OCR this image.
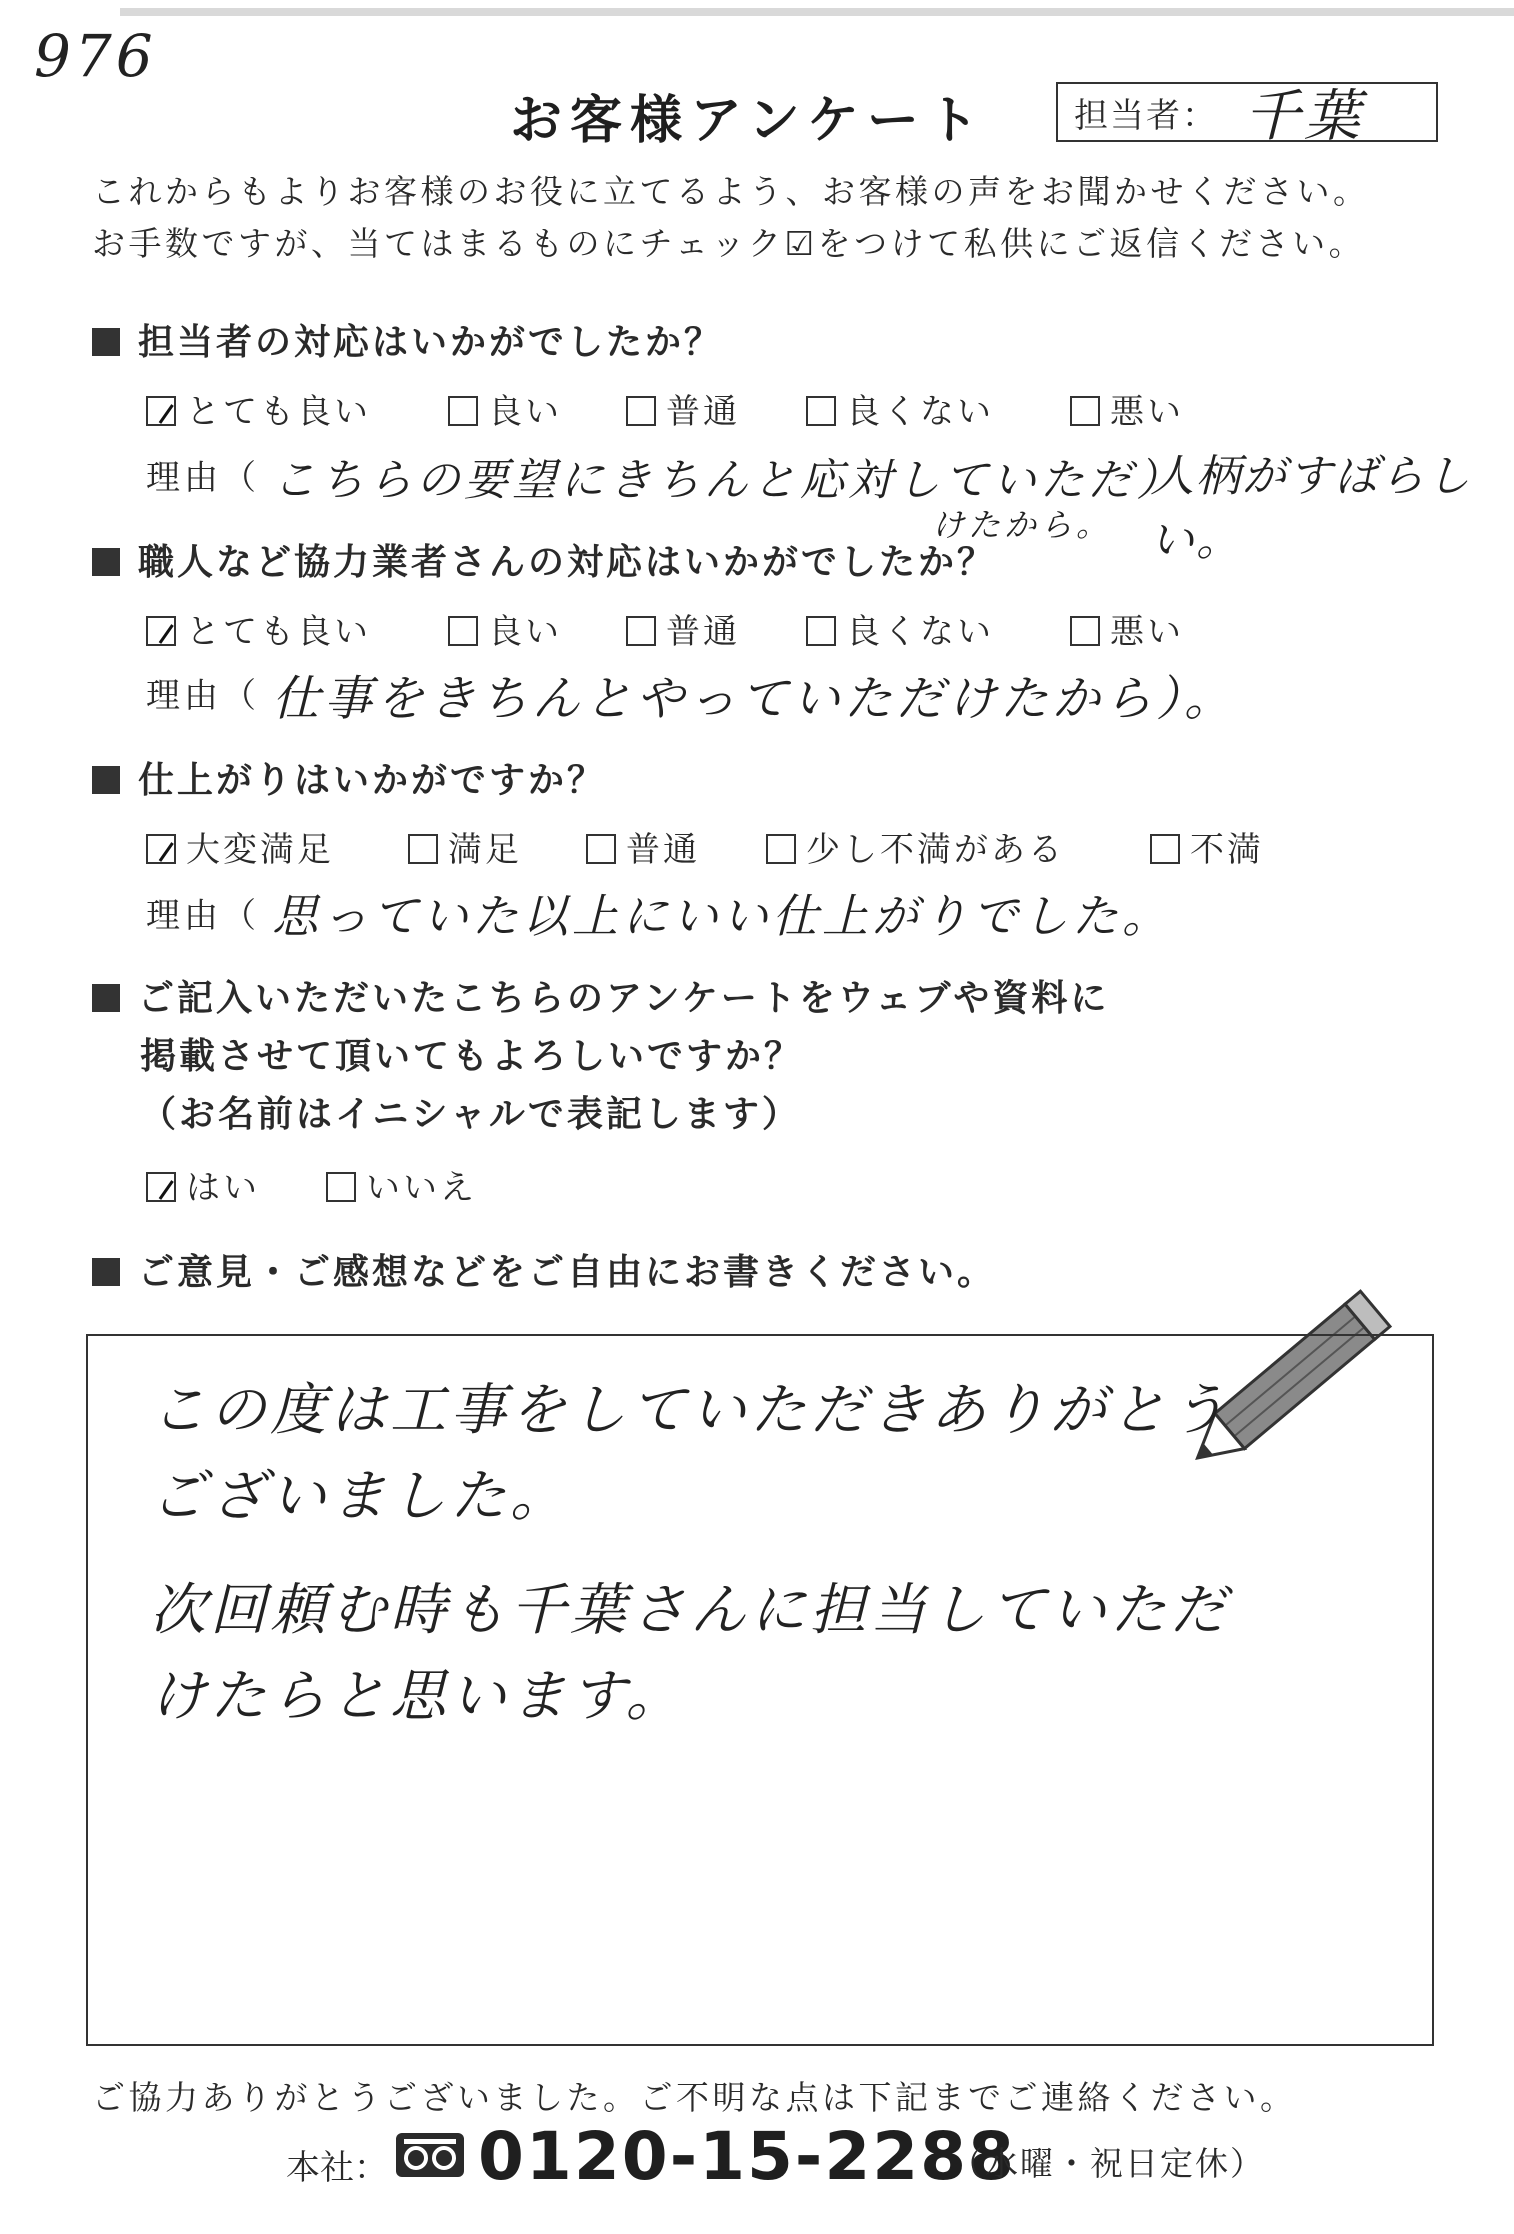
976
お客様アンケート	担当者： 千葉
これからもよりお客様のお役に立てるよう、お客様の声をお聞かせください。
お手数ですが、当てはまるものにチェック☑をつけて私供にご返信ください。
担当者の対応はいかがでしたか？
とても良い	良い	普通	良くない	悪い
理由（ こちらの要望にきちんと応対していただ）
けたから。
人柄がすばらしい。
職人など協力業者さんの対応はいかがでしたか？
とても良い	良い	普通	良くない	悪い
理由（ 仕事をきちんとやっていただけたから）。
仕上がりはいかがですか？
大変満足	満足	普通	少し不満がある	不満
理由（ 思っていた以上にいい仕上がりでした。
ご記入いただいたこちらのアンケートをウェブや資料に
掲載させて頂いてもよろしいですか？
（お名前はイニシャルで表記します）
はい	いいえ
ご意見・ご感想などをご自由にお書きください。
この度は工事をしていただきありがとう
ございました。
次回頼む時も千葉さんに担当していただ
けたらと思います。
ご協力ありがとうございました。ご不明な点は下記までご連絡ください。
本社： 0120-15-2288
（水曜・祝日定休）
